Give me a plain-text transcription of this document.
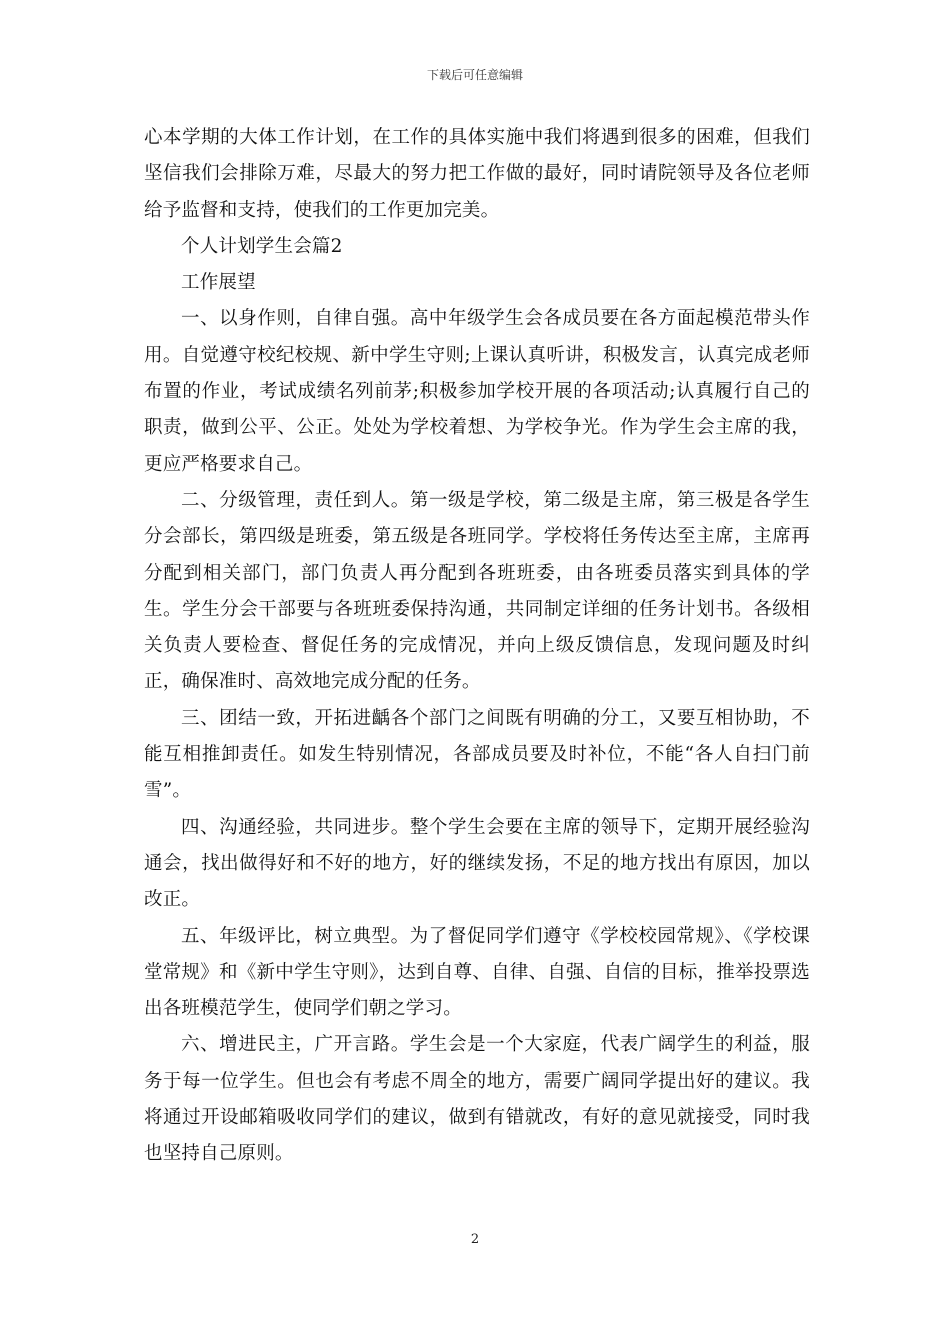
下载后可任意编辑

心本学期的大体工作计划，在工作的具体实施中我们将遇到很多的困难，但我们坚信我们会排除万难，尽最大的努力把工作做的最好，同时请院领导及各位老师给予监督和支持，使我们的工作更加完美。

个人计划学生会篇2

工作展望

一、以身作则，自律自强。高中年级学生会各成员要在各方面起模范带头作用。自觉遵守校纪校规、新中学生守则;上课认真听讲，积极发言，认真完成老师布置的作业，考试成绩名列前茅;积极参加学校开展的各项活动;认真履行自己的职责，做到公平、公正。处处为学校着想、为学校争光。作为学生会主席的我，更应严格要求自己。

二、分级管理，责任到人。第一级是学校，第二级是主席，第三极是各学生分会部长，第四级是班委，第五级是各班同学。学校将任务传达至主席，主席再分配到相关部门，部门负责人再分配到各班班委，由各班委员落实到具体的学生。学生分会干部要与各班班委保持沟通，共同制定详细的任务计划书。各级相关负责人要检查、督促任务的完成情况，并向上级反馈信息，发现问题及时纠正，确保准时、高效地完成分配的任务。

三、团结一致，开拓进齲各个部门之间既有明确的分工，又要互相协助，不能互相推卸责任。如发生特别情况，各部成员要及时补位，不能“各人自扫门前雪”。

四、沟通经验，共同进步。整个学生会要在主席的领导下，定期开展经验沟通会，找出做得好和不好的地方，好的继续发扬，不足的地方找出有原因，加以改正。

五、年级评比，树立典型。为了督促同学们遵守《学校校园常规》、《学校课堂常规》和《新中学生守则》，达到自尊、自律、自强、自信的目标，推举投票选出各班模范学生，使同学们朝之学习。

六、增进民主，广开言路。学生会是一个大家庭，代表广阔学生的利益，服务于每一位学生。但也会有考虑不周全的地方，需要广阔同学提出好的建议。我将通过开设邮箱吸收同学们的建议，做到有错就改，有好的意见就接受，同时我也坚持自己原则。

2
